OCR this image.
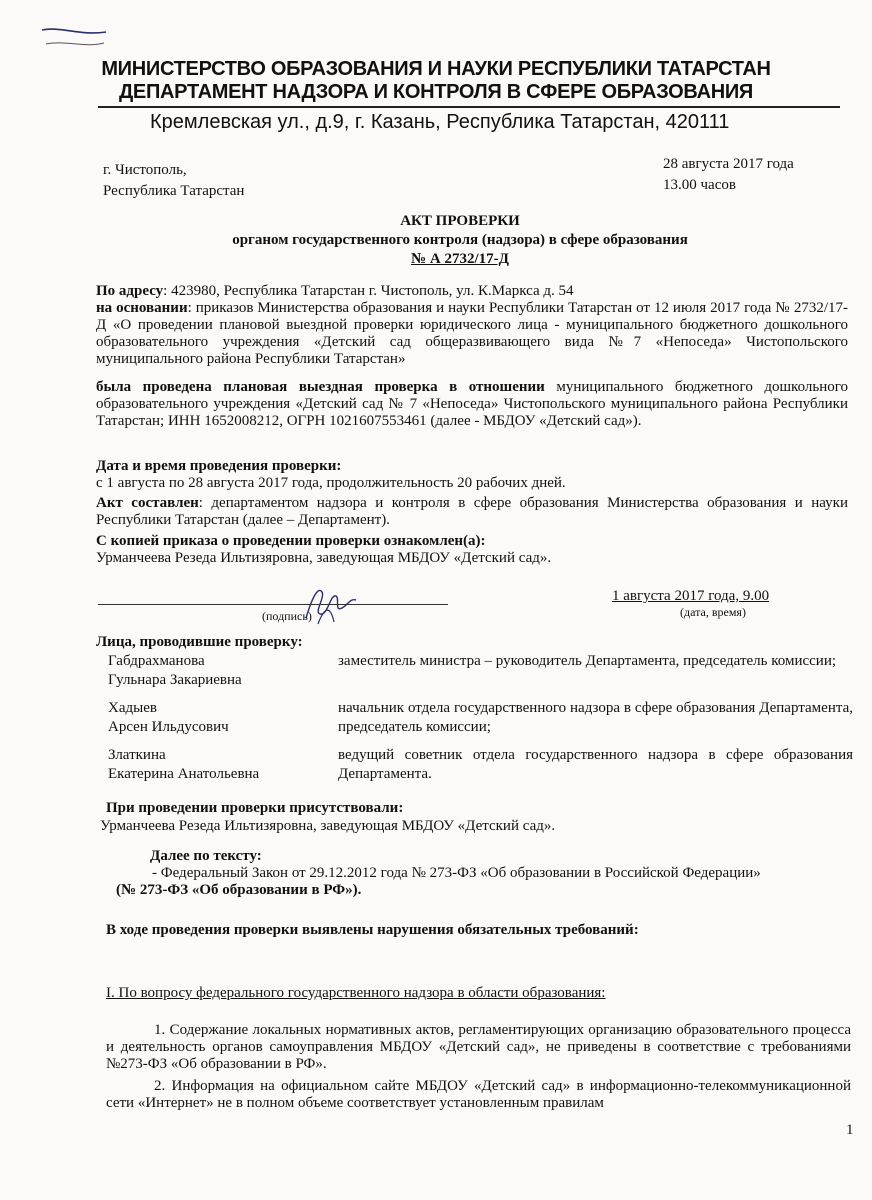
МИНИСТЕРСТВО ОБРАЗОВАНИЯ И НАУКИ РЕСПУБЛИКИ ТАТАРСТАН
ДЕПАРТАМЕНТ НАДЗОРА И КОНТРОЛЯ В СФЕРЕ ОБРАЗОВАНИЯ
Кремлевская ул., д.9, г. Казань, Республика Татарстан, 420111
г. Чистополь,
Республика Татарстан
28 августа 2017 года
13.00 часов
АКТ ПРОВЕРКИ
органом государственного контроля (надзора) в сфере образования
№ А 2732/17-Д
По адресу: 423980, Республика Татарстан г. Чистополь, ул. К.Маркса д. 54
на основании: приказов Министерства образования и науки Республики Татарстан от 12 июля 2017 года № 2732/17-Д «О проведении плановой выездной проверки юридического лица - муниципального бюджетного дошкольного образовательного учреждения «Детский сад общеразвивающего вида №7 «Непоседа» Чистопольского муниципального района Республики Татарстан»
была проведена плановая выездная проверка в отношении муниципального бюджетного дошкольного образовательного учреждения «Детский сад № 7 «Непоседа» Чистопольского муниципального района Республики Татарстан; ИНН 1652008212, ОГРН 1021607553461 (далее - МБДОУ «Детский сад»).
Дата и время проведения проверки:
с 1 августа по 28 августа 2017 года, продолжительность 20 рабочих дней.
Акт составлен: департаментом надзора и контроля в сфере образования Министерства образования и науки Республики Татарстан (далее – Департамент).
С копией приказа о проведении проверки ознакомлен(а):
Урманчеева Резеда Ильтизяровна, заведующая МБДОУ «Детский сад».
(подпись)
1 августа 2017 года, 9.00
(дата, время)
Лица, проводившие проверку:
Габдрахманова
Гульнара Закариевна
заместитель министра – руководитель Департамента, председатель комиссии;
Хадыев
Арсен Ильдусович
начальник отдела государственного надзора в сфере образования Департамента, председатель комиссии;
Златкина
Екатерина Анатольевна
ведущий советник отдела государственного надзора в сфере образования Департамента.
При проведении проверки присутствовали:
Урманчеева Резеда Ильтизяровна, заведующая МБДОУ «Детский сад».
Далее по тексту:
- Федеральный Закон от 29.12.2012 года № 273-ФЗ «Об образовании в Российской Федерации»
(№ 273-ФЗ «Об образовании в РФ»).
В ходе проведения проверки выявлены нарушения обязательных требований:
I. По вопросу федерального государственного надзора в области образования:
1. Содержание локальных нормативных актов, регламентирующих организацию образовательного процесса и деятельность органов самоуправления МБДОУ «Детский сад», не приведены в соответствие с требованиями №273-ФЗ «Об образовании в РФ».
2. Информация на официальном сайте МБДОУ «Детский сад» в информационно-телекоммуникационной сети «Интернет» не в полном объеме соответствует установленным правилам
1
